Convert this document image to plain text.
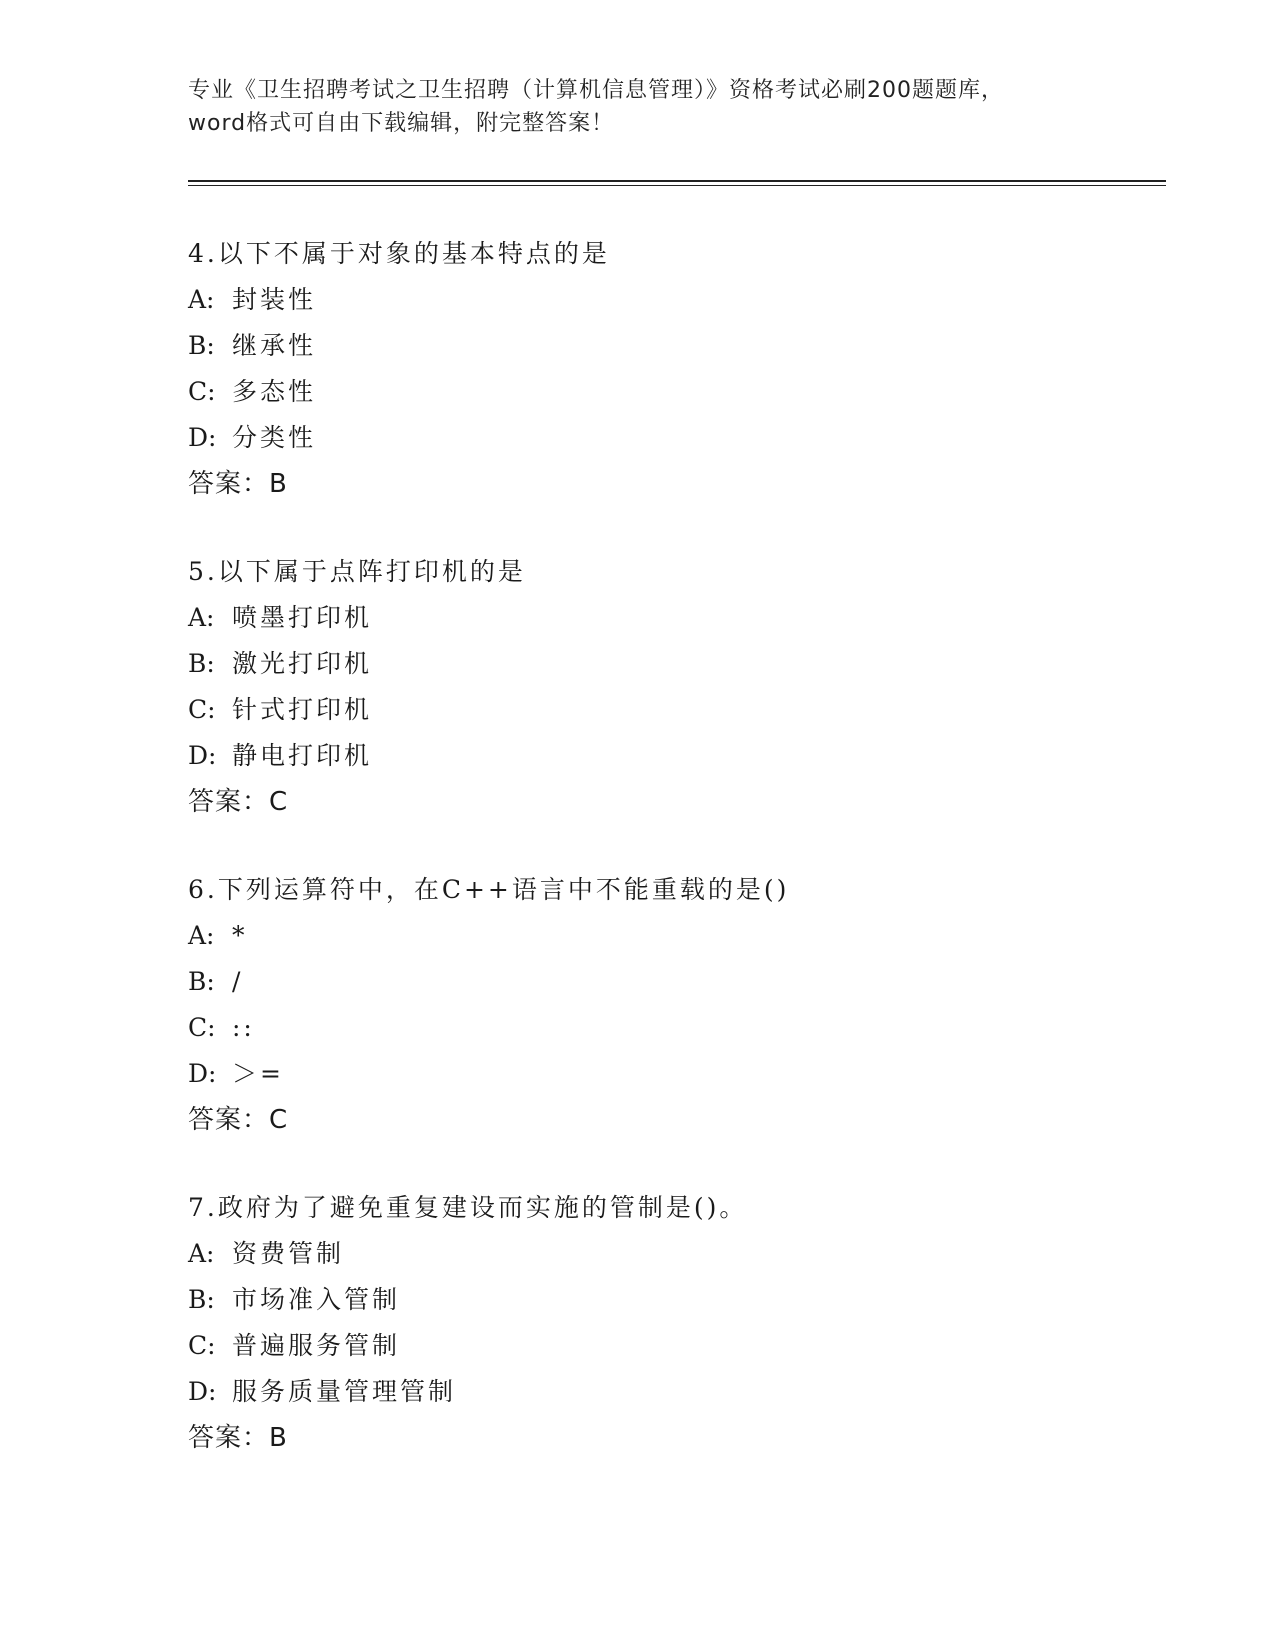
专业《卫生招聘考试之卫生招聘（计算机信息管理）》资格考试必刷200题题库，
word格式可自由下载编辑，附完整答案！
4.以下不属于对象的基本特点的是
A: 封装性
B: 继承性
C: 多态性
D: 分类性
答案：B
5.以下属于点阵打印机的是
A: 喷墨打印机
B: 激光打印机
C: 针式打印机
D: 静电打印机
答案：C
6.下列运算符中，在C++语言中不能重载的是()
A: *
B: /
C: ::
D: ＞=
答案：C
7.政府为了避免重复建设而实施的管制是()。
A: 资费管制
B: 市场准入管制
C: 普遍服务管制
D: 服务质量管理管制
答案：B
